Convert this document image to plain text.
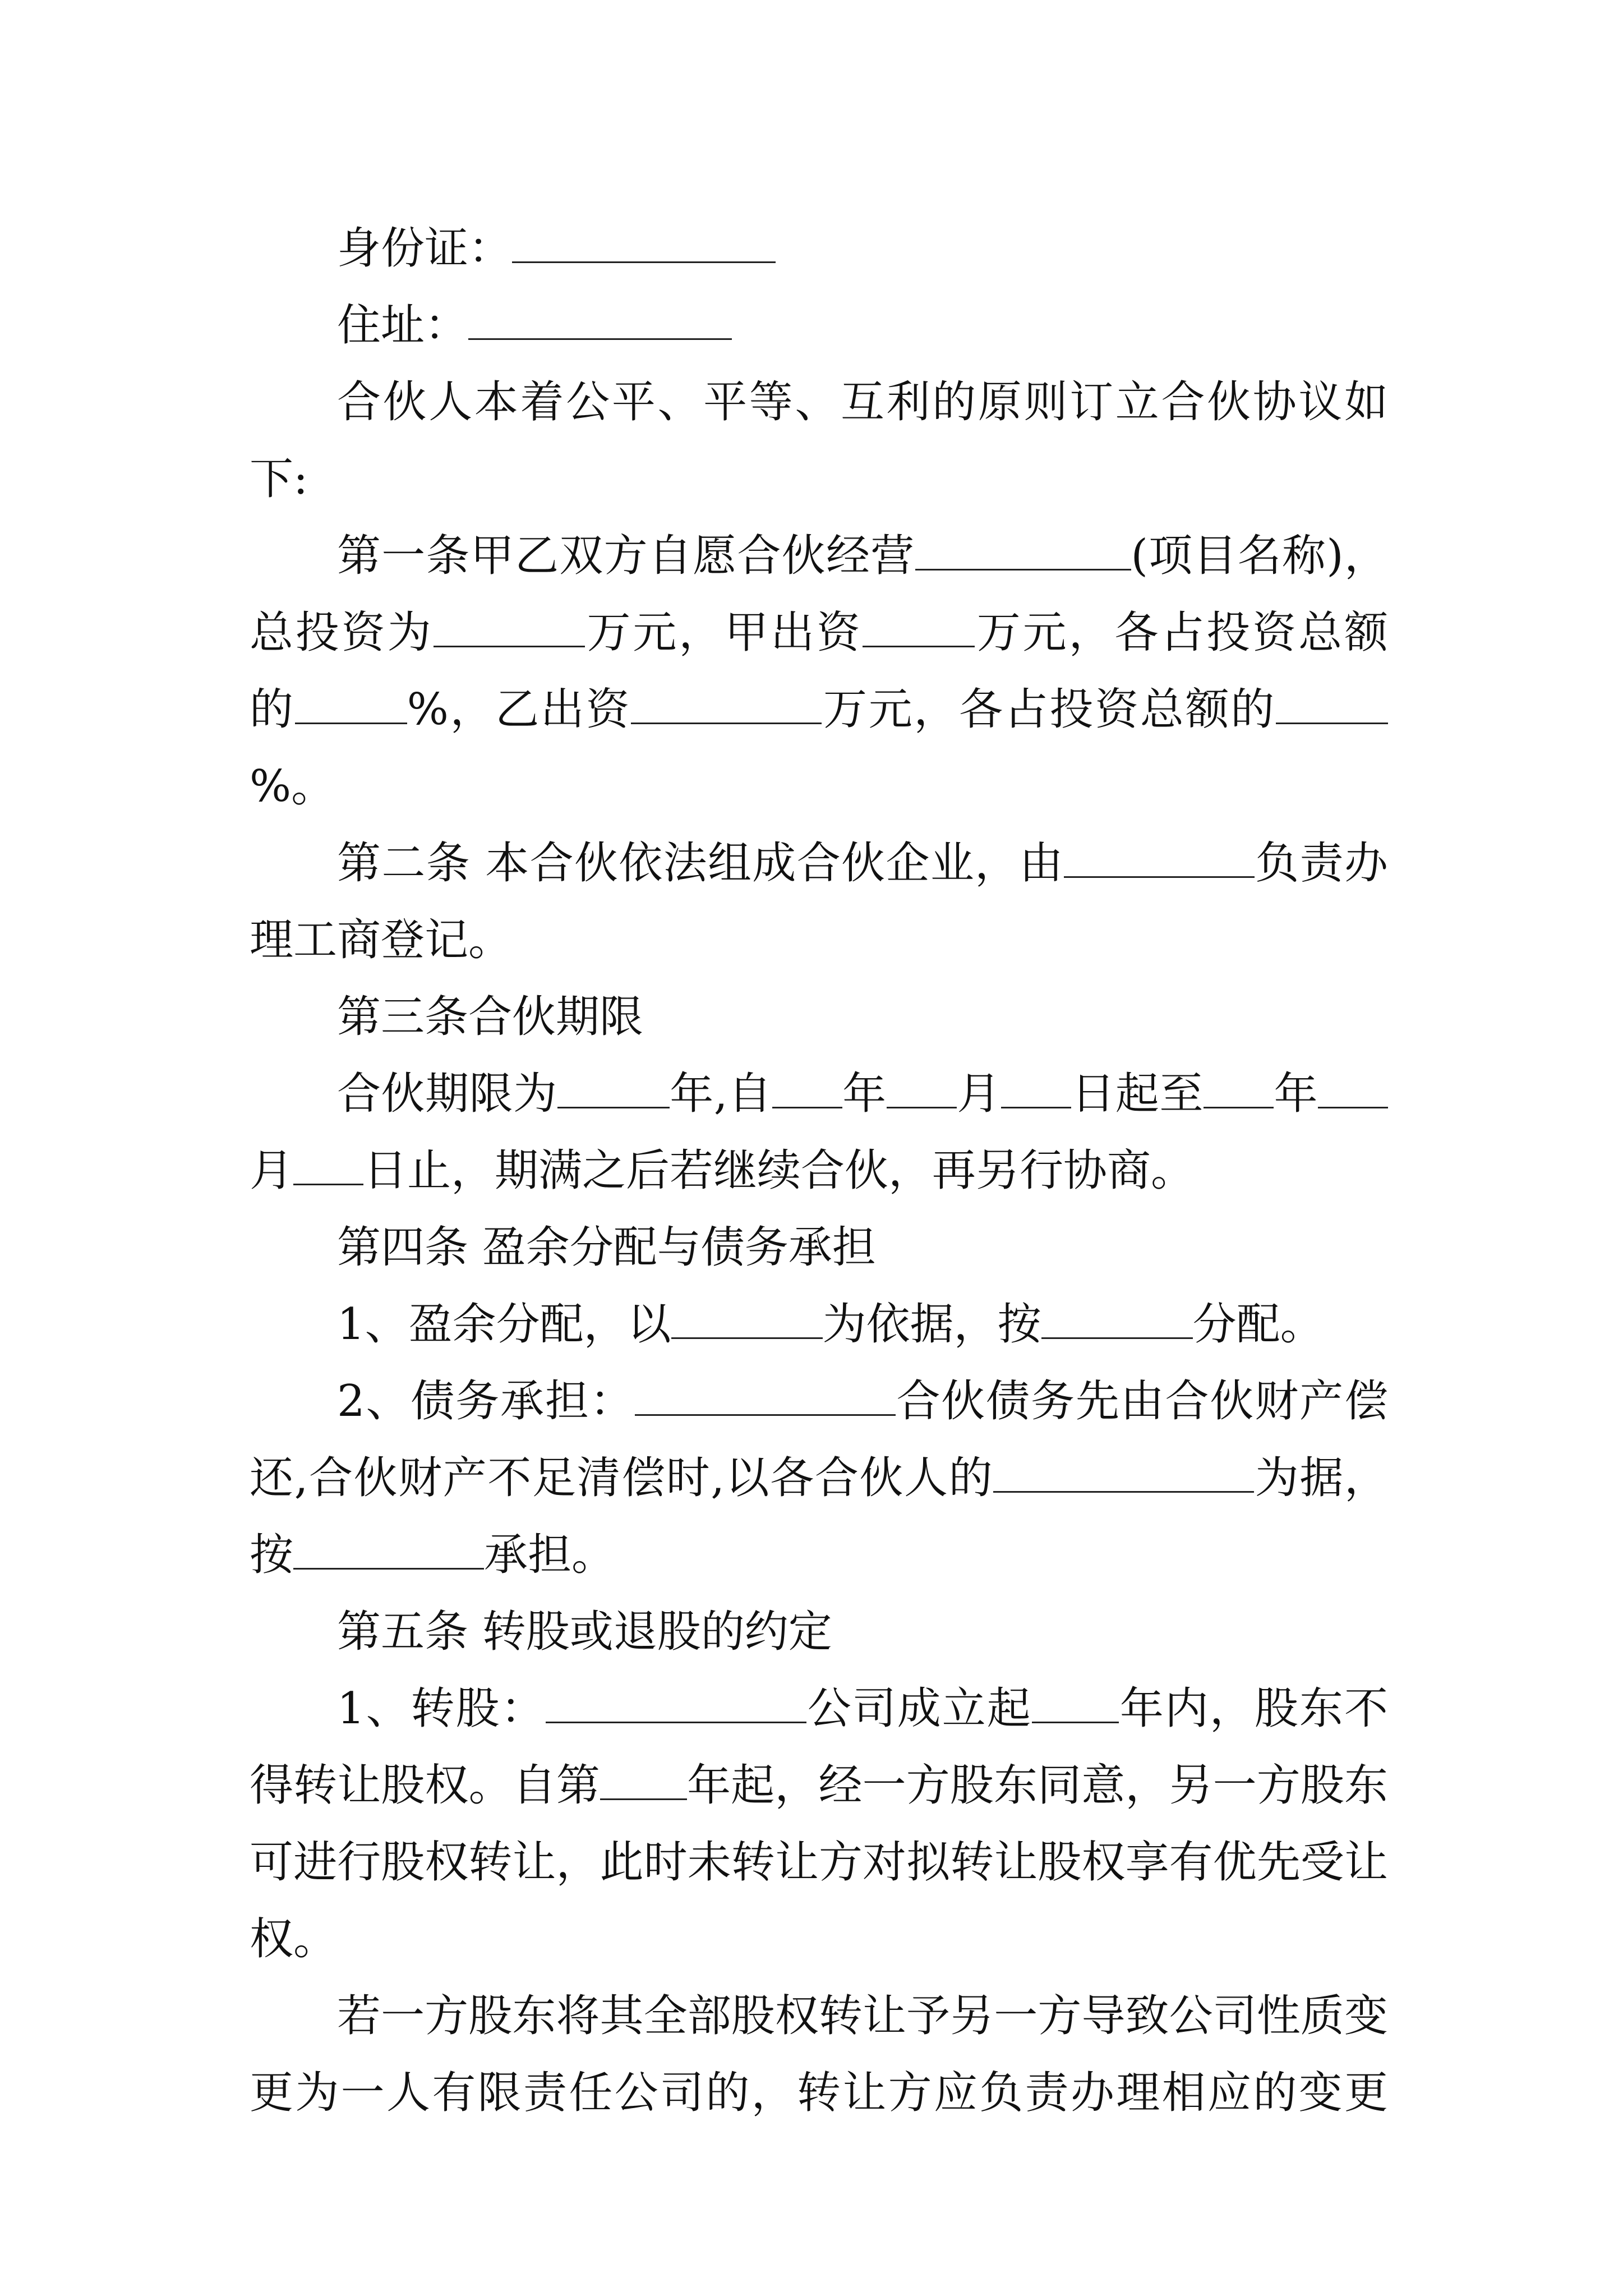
身份证：

住址：

合伙人本着公平、平等、互利的原则订立合伙协议如下:

第一条甲乙双方自愿合伙经营	(项目名称)，总投资为	万元，甲出资	万元，各占投资总额的	%，乙出资	万元，各占投资总额的%。

第二条 本合伙依法组成合伙企业，由	负责办理工商登记。

第三条合伙期限

合伙期限为	年,自 年 月 日起至 年月 日止，期满之后若继续合伙，再另行协商。

第四条 盈余分配与债务承担

1、盈余分配，以	为依据，按	分配。

2、债务承担：	合伙债务先由合伙财产偿还,合伙财产不足清偿时,以各合伙人的	为据，按	承担。

第五条 转股或退股的约定

1、转股：	公司成立起 年内，股东不得转让股权。自第 年起，经一方股东同意，另一方股东可进行股权转让，此时未转让方对拟转让股权享有优先受让权。

若一方股东将其全部股权转让予另一方导致公司性质变更为一人有限责任公司的，转让方应负责办理相应的变更
